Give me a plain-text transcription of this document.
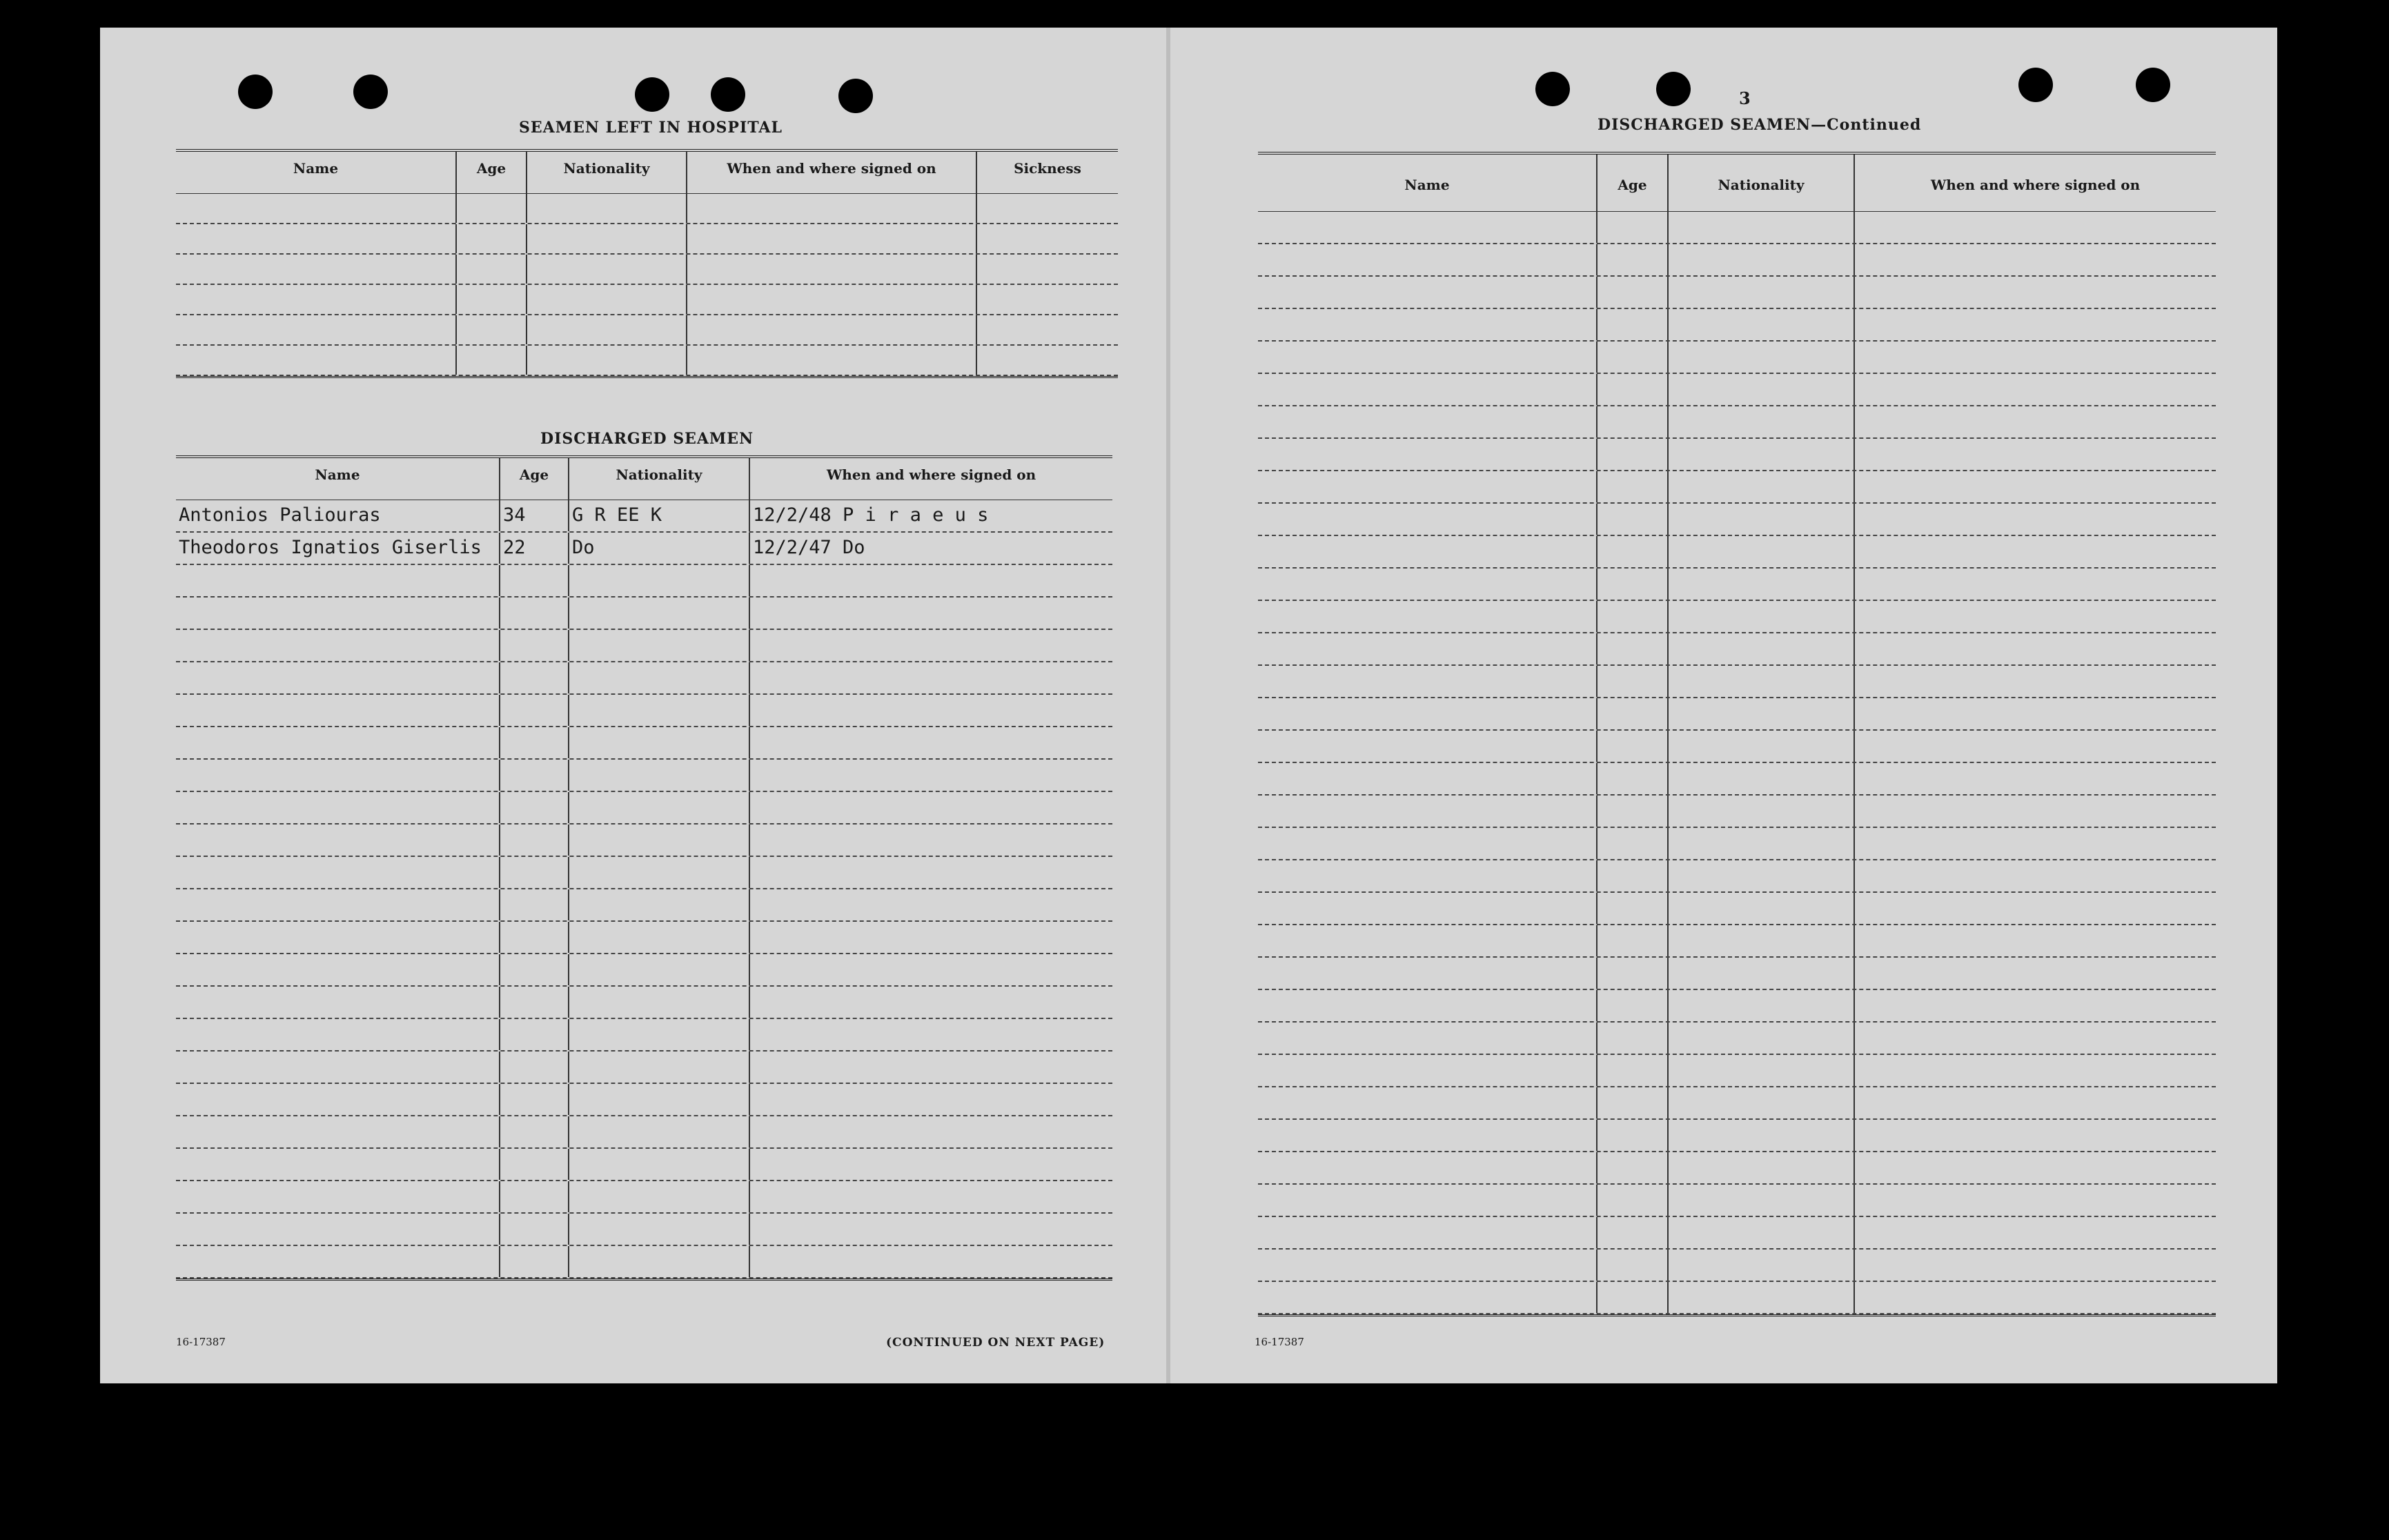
SEAMEN LEFT IN HOSPITAL
Name	Age	Nationality	When and where signed on	Sickness
DISCHARGED SEAMEN
Name	Age	Nationality	When and where signed on
Antonios Paliouras	34	G R EE K	12/2/48 P i r a e u s
Theodoros Ignatios Giserlis	22	Do	12/2/47 Do
16-17387	(CONTINUED ON NEXT PAGE)
3
DISCHARGED SEAMEN—Continued
Name	Age	Nationality	When and where signed on
16-17387
